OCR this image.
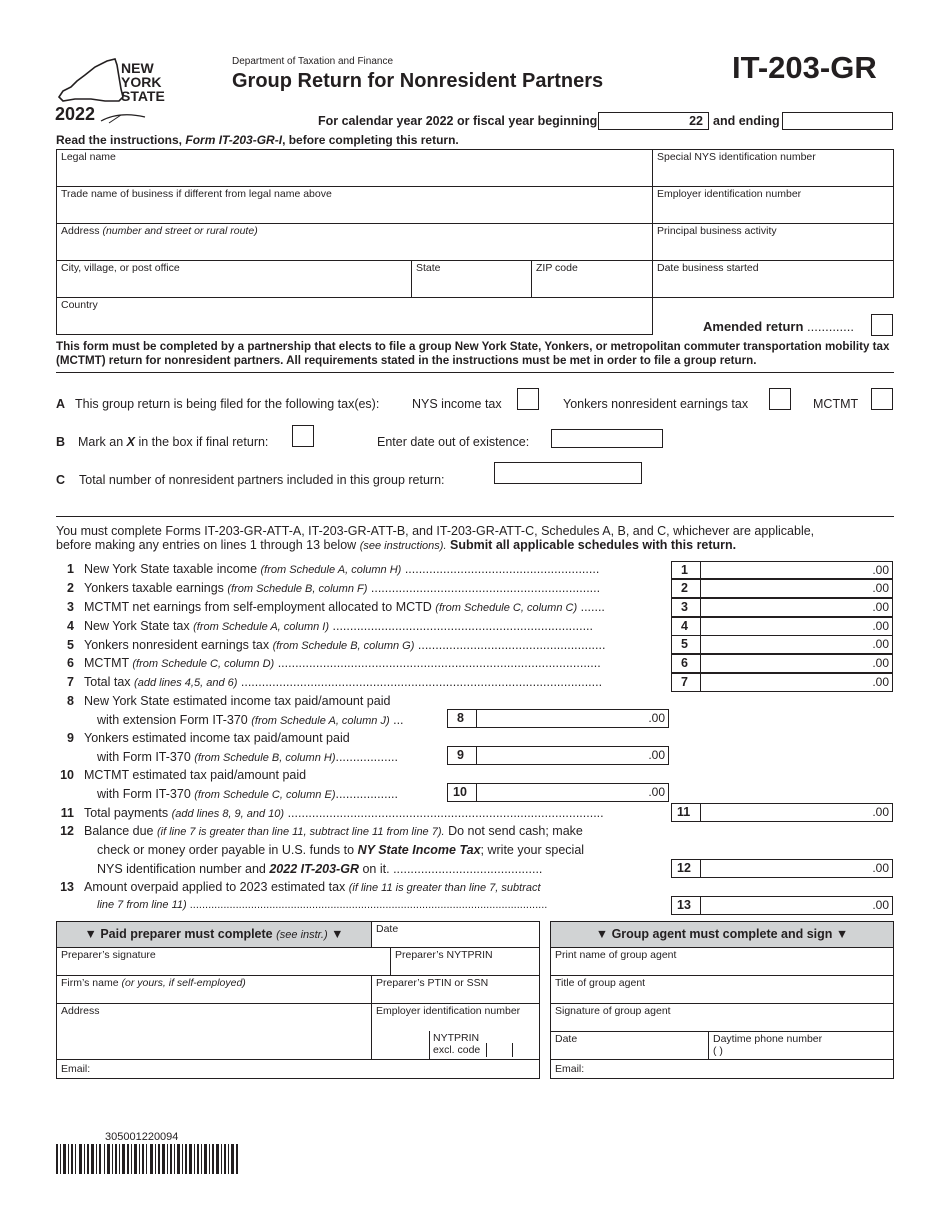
NEW
YORK
STATE
2022
Department of Taxation and Finance
Group Return for Nonresident Partners	IT-203-GR
For calendar year 2022 or fiscal year beginning	22 and ending
Read the instructions, Form IT-203-GR-I, before completing this return.
Legal name	Special NYS identification number
Trade name of business if different from legal name above	Employer identification number
Address (number and street or rural route)	Principal business activity
City, village, or post office	State	ZIP code	Date business started
Country
Amended return .............
This form must be completed by a partnership that elects to file a group New York State, Yonkers, or metropolitan commuter transportation mobility tax (MCTMT) return for nonresident partners. All requirements stated in the instructions must be met in order to file a group return.
A This group return is being filed for the following tax(es):	NYS income tax	Yonkers nonresident earnings tax	MCTMT
B Mark an X in the box if final return:	Enter date out of existence:
C Total number of nonresident partners included in this group return:
You must complete Forms IT-203-GR-ATT-A, IT-203-GR-ATT-B, and IT-203-GR-ATT-C, Schedules A, B, and C, whichever are applicable,
before making any entries on lines 1 through 13 below (see instructions). Submit all applicable schedules with this return.
1 New York State taxable income (from Schedule A, column H) ........................................................	1	.00
2 Yonkers taxable earnings (from Schedule B, column F) ..................................................................	2	.00
3 MCTMT net earnings from self-employment allocated to MCTD (from Schedule C, column C) .......	3	.00
4 New York State tax (from Schedule A, column I) ...........................................................................	4	.00
5 Yonkers nonresident earnings tax (from Schedule B, column G) ......................................................	5	.00
6 MCTMT (from Schedule C, column D) .............................................................................................	6	.00
7 Total tax (add lines 4,5, and 6) ........................................................................................................	7	.00
8 New York State estimated income tax paid/amount paid
with extension Form IT-370 (from Schedule A, column J) ...	8	.00
9 Yonkers estimated income tax paid/amount paid
with Form IT-370 (from Schedule B, column H)..................	9	.00
10 MCTMT estimated tax paid/amount paid
with Form IT-370 (from Schedule C, column E)..................	10	.00
11 Total payments (add lines 8, 9, and 10) ...........................................................................................	11	.00
12 Balance due (if line 7 is greater than line 11, subtract line 11 from line 7). Do not send cash; make
check or money order payable in U.S. funds to NY State Income Tax; write your special
NYS identification number and 2022 IT-203-GR on it. ...........................................	12	.00
13 Amount overpaid applied to 2023 estimated tax (if line 11 is greater than line 7, subtract
line 7 from line 11) .....................................................................................................................	13	.00
▼ Paid preparer must complete (see instr.) ▼	Date
Preparer’s signature	Preparer’s NYTPRIN
Firm’s name (or yours, if self-employed)	Preparer’s PTIN or SSN
Address	Employer identification number
NYTPRIN
excl. code
Email:
▼ Group agent must complete and sign ▼
Print name of group agent
Title of group agent
Signature of group agent
Date	Daytime phone number
( )
Email:
305001220094
